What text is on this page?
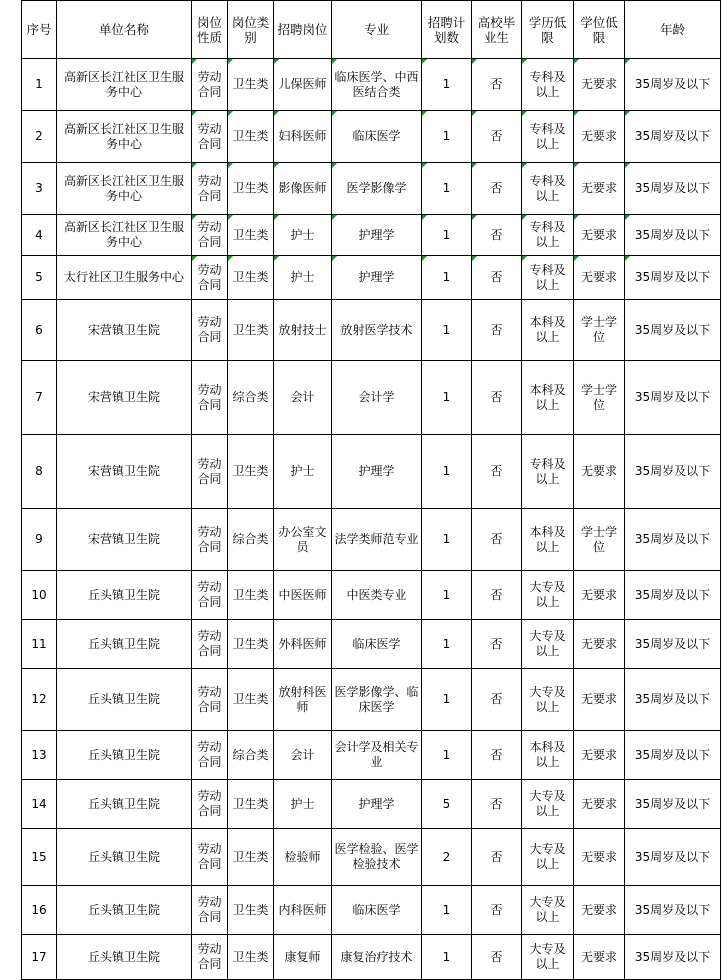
序号	单位名称	岗位性质	岗位类别	招聘岗位	专业	招聘计划数	高校毕业生	学历低限	学位低限	年龄
1	高新区长江社区卫生服务中心	劳动合同	卫生类	儿保医师	临床医学、中西医结合类	1	否	专科及以上	无要求	35周岁及以下
2	高新区长江社区卫生服务中心	劳动合同	卫生类	妇科医师	临床医学	1	否	专科及以上	无要求	35周岁及以下
3	高新区长江社区卫生服务中心	劳动合同	卫生类	影像医师	医学影像学	1	否	专科及以上	无要求	35周岁及以下
4	高新区长江社区卫生服务中心	劳动合同	卫生类	护士	护理学	1	否	专科及以上	无要求	35周岁及以下
5	太行社区卫生服务中心	劳动合同	卫生类	护士	护理学	1	否	专科及以上	无要求	35周岁及以下
6	宋营镇卫生院	劳动合同	卫生类	放射技士	放射医学技术	1	否	本科及以上	学士学位	35周岁及以下
7	宋营镇卫生院	劳动合同	综合类	会计	会计学	1	否	本科及以上	学士学位	35周岁及以下
8	宋营镇卫生院	劳动合同	卫生类	护士	护理学	1	否	专科及以上	无要求	35周岁及以下
9	宋营镇卫生院	劳动合同	综合类	办公室文员	法学类师范专业	1	否	本科及以上	学士学位	35周岁及以下
10	丘头镇卫生院	劳动合同	卫生类	中医医师	中医类专业	1	否	大专及以上	无要求	35周岁及以下
11	丘头镇卫生院	劳动合同	卫生类	外科医师	临床医学	1	否	大专及以上	无要求	35周岁及以下
12	丘头镇卫生院	劳动合同	卫生类	放射科医师	医学影像学、临床医学	1	否	大专及以上	无要求	35周岁及以下
13	丘头镇卫生院	劳动合同	综合类	会计	会计学及相关专业	1	否	本科及以上	无要求	35周岁及以下
14	丘头镇卫生院	劳动合同	卫生类	护士	护理学	5	否	大专及以上	无要求	35周岁及以下
15	丘头镇卫生院	劳动合同	卫生类	检验师	医学检验、医学检验技术	2	否	大专及以上	无要求	35周岁及以下
16	丘头镇卫生院	劳动合同	卫生类	内科医师	临床医学	1	否	大专及以上	无要求	35周岁及以下
17	丘头镇卫生院	劳动合同	卫生类	康复师	康复治疗技术	1	否	大专及以上	无要求	35周岁及以下
